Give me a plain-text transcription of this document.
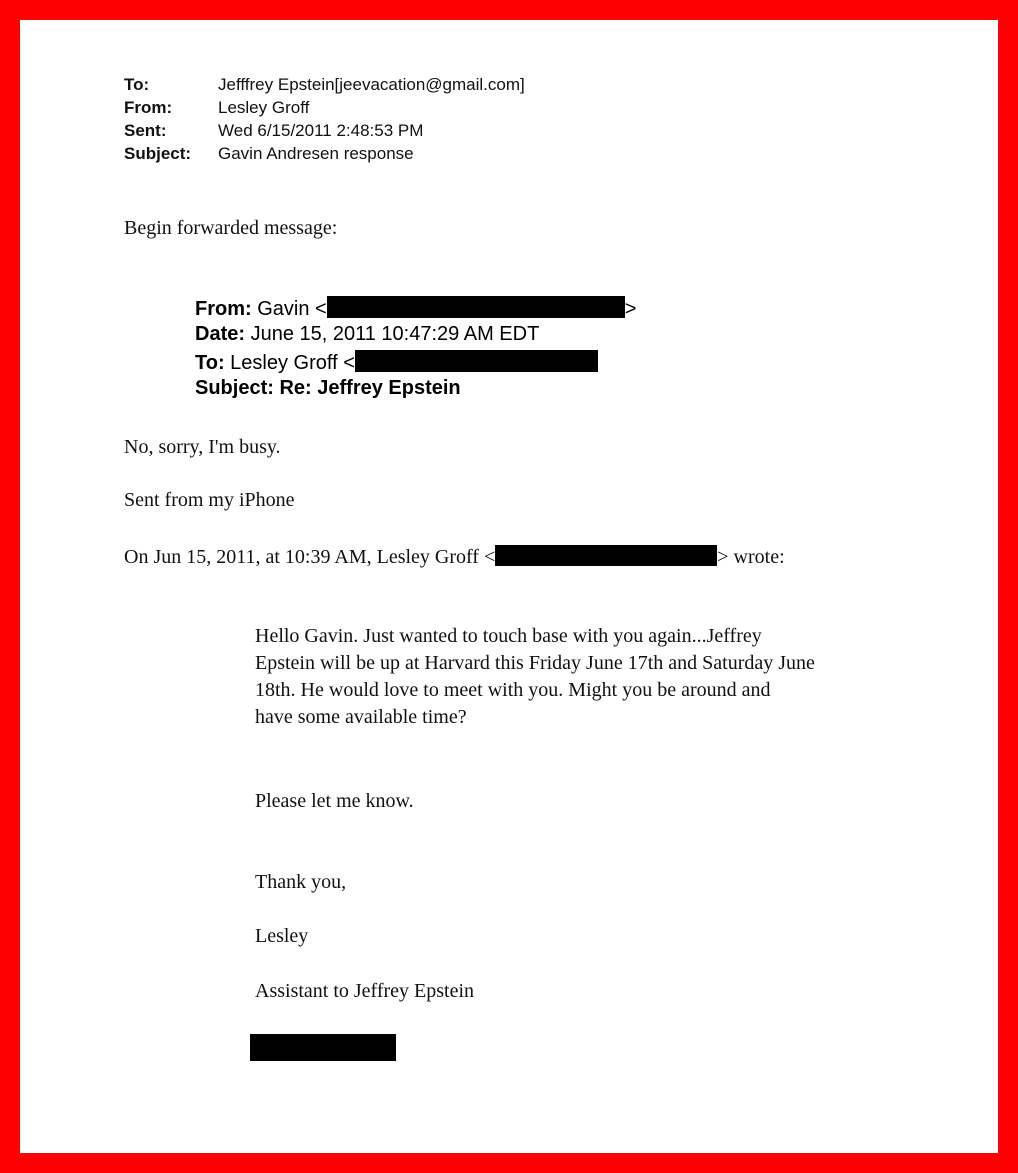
To:	Jefffrey Epstein[jeevacation@gmail.com]
From:	Lesley Groff
Sent:	Wed 6/15/2011 2:48:53 PM
Subject: Gavin Andresen response
Begin forwarded message:
From: Gavin <	>
Date: June 15, 2011 10:47:29 AM EDT
To: Lesley Groff <
Subject: Re: Jeffrey Epstein
No, sorry, I'm busy.
Sent from my iPhone
On Jun 15, 2011, at 10:39 AM, Lesley Groff <	> wrote:
Hello Gavin. Just wanted to touch base with you again...Jeffrey
Epstein will be up at Harvard this Friday June 17th and Saturday June
18th. He would love to meet with you. Might you be around and
have some available time?
Please let me know.
Thank you,
Lesley
Assistant to Jeffrey Epstein
